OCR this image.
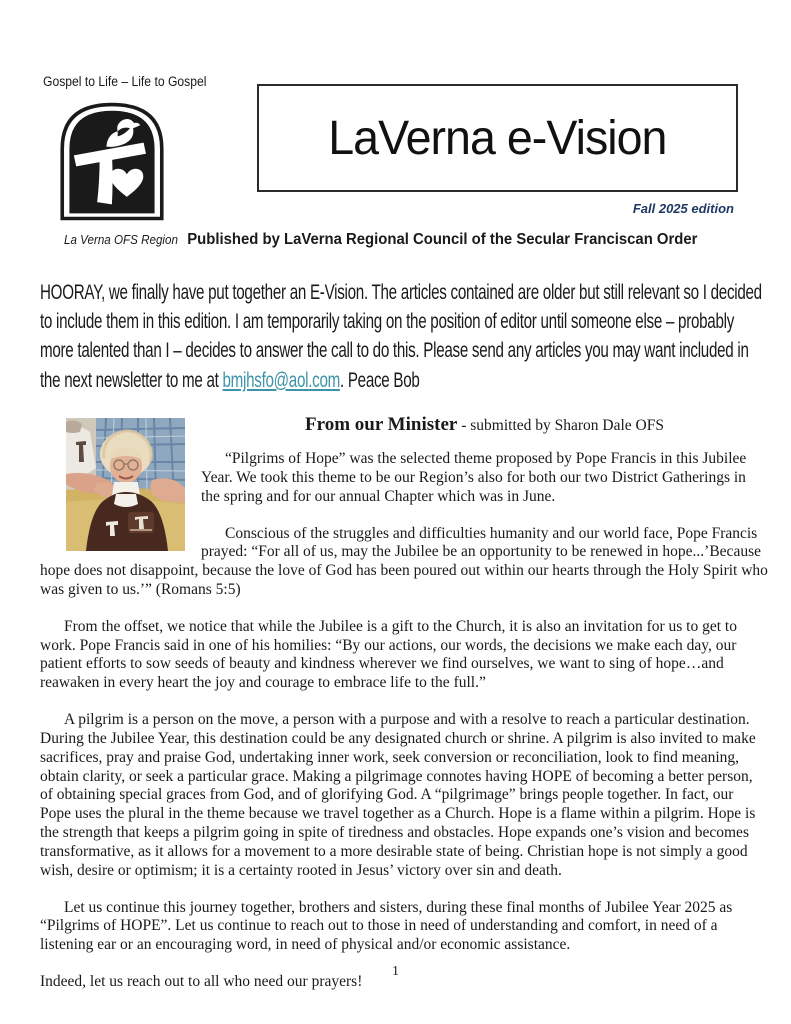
Gospel to Life – Life to Gospel
LaVerna e-Vision
Fall 2025 edition
La Verna OFS Region Published by LaVerna Regional Council of the Secular Franciscan Order
HOORAY, we finally have put together an E-Vision. The articles contained are older but still relevant so I decided to include them in this edition. I am temporarily taking on the position of editor until someone else – probably more talented than I – decides to answer the call to do this. Please send any articles you may want included in the next newsletter to me at bmjhsfo@aol.com. Peace Bob
From our Minister - submitted by Sharon Dale OFS

“Pilgrims of Hope” was the selected theme proposed by Pope Francis in this Jubilee Year. We took this theme to be our Region’s also for both our two District Gatherings in the spring and for our annual Chapter which was in June.

Conscious of the struggles and difficulties humanity and our world face, Pope Francis prayed: “For all of us, may the Jubilee be an opportunity to be renewed in hope...’Because hope does not disappoint, because the love of God has been poured out within our hearts through the Holy Spirit who was given to us.’” (Romans 5:5)

From the offset, we notice that while the Jubilee is a gift to the Church, it is also an invitation for us to get to work. Pope Francis said in one of his homilies: “By our actions, our words, the decisions we make each day, our patient efforts to sow seeds of beauty and kindness wherever we find ourselves, we want to sing of hope…and reawaken in every heart the joy and courage to embrace life to the full.”

A pilgrim is a person on the move, a person with a purpose and with a resolve to reach a particular destination. During the Jubilee Year, this destination could be any designated church or shrine. A pilgrim is also invited to make sacrifices, pray and praise God, undertaking inner work, seek conversion or reconciliation, look to find meaning, obtain clarity, or seek a particular grace. Making a pilgrimage connotes having HOPE of becoming a better person, of obtaining special graces from God, and of glorifying God. A “pilgrimage” brings people together. In fact, our Pope uses the plural in the theme because we travel together as a Church. Hope is a flame within a pilgrim. Hope is the strength that keeps a pilgrim going in spite of tiredness and obstacles. Hope expands one’s vision and becomes transformative, as it allows for a movement to a more desirable state of being. Christian hope is not simply a good wish, desire or optimism; it is a certainty rooted in Jesus’ victory over sin and death.

Let us continue this journey together, brothers and sisters, during these final months of Jubilee Year 2025 as “Pilgrims of HOPE”. Let us continue to reach out to those in need of understanding and comfort, in need of a listening ear or an encouraging word, in need of physical and/or economic assistance.

Indeed, let us reach out to all who need our prayers!

1
